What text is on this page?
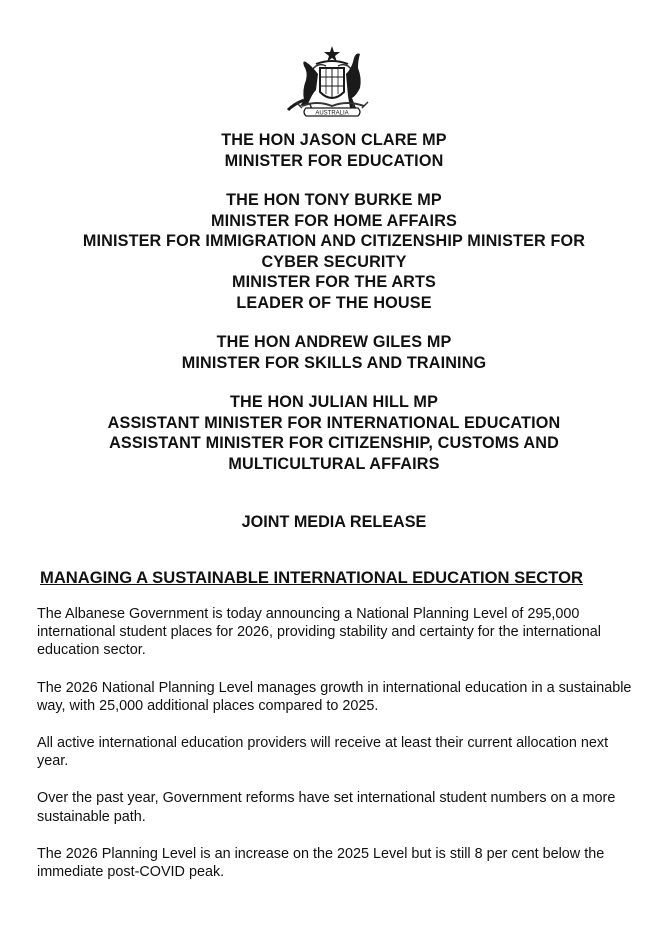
AUSTRALIA
THE HON JASON CLARE MP
MINISTER FOR EDUCATION
THE HON TONY BURKE MP
MINISTER FOR HOME AFFAIRS
MINISTER FOR IMMIGRATION AND CITIZENSHIP MINISTER FOR
CYBER SECURITY
MINISTER FOR THE ARTS
LEADER OF THE HOUSE
THE HON ANDREW GILES MP
MINISTER FOR SKILLS AND TRAINING
THE HON JULIAN HILL MP
ASSISTANT MINISTER FOR INTERNATIONAL EDUCATION
ASSISTANT MINISTER FOR CITIZENSHIP, CUSTOMS AND
MULTICULTURAL AFFAIRS
JOINT MEDIA RELEASE
MANAGING A SUSTAINABLE INTERNATIONAL EDUCATION SECTOR

The Albanese Government is today announcing a National Planning Level of 295,000 international student places for 2026, providing stability and certainty for the international education sector.

The 2026 National Planning Level manages growth in international education in a sustainable way, with 25,000 additional places compared to 2025.

All active international education providers will receive at least their current allocation next year.

Over the past year, Government reforms have set international student numbers on a more sustainable path.

The 2026 Planning Level is an increase on the 2025 Level but is still 8 per cent below the immediate post-COVID peak.
